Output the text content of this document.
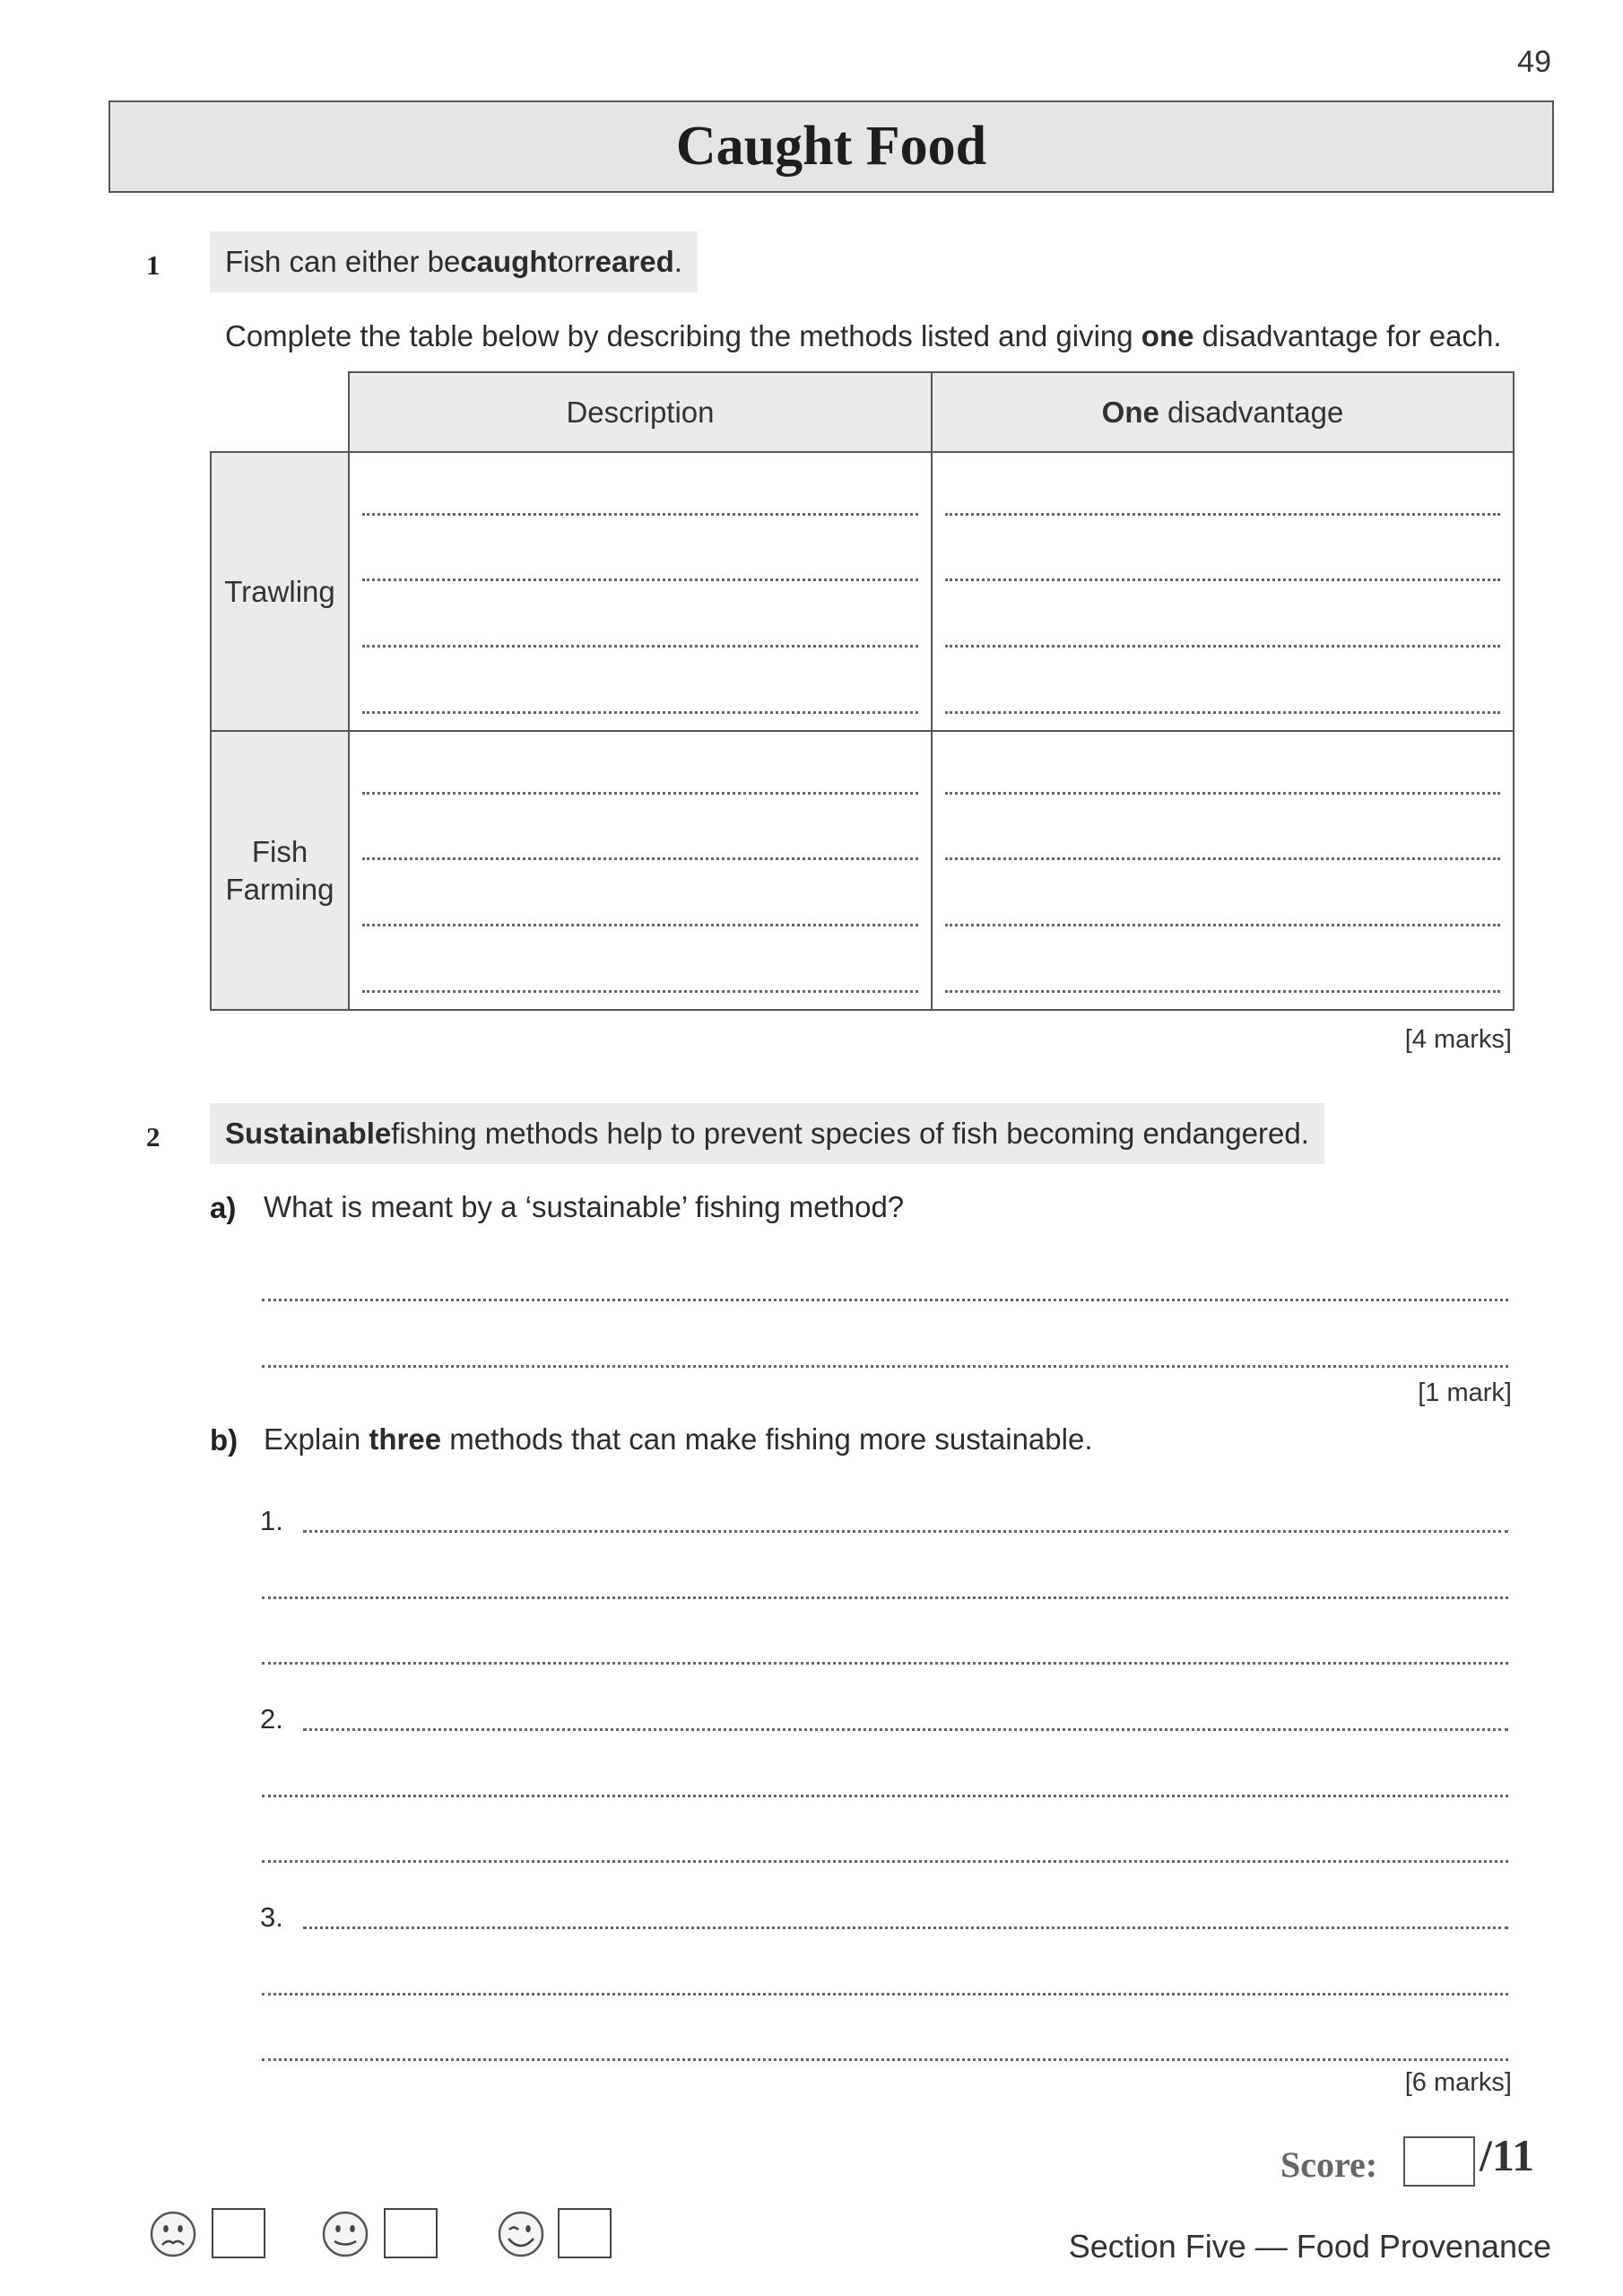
49
Caught Food
1 Fish can either be caught or reared .
Complete the table below by describing the methods listed and giving one disadvantage for each.
	Description	One disadvantage
Trawling	

Fish
Farming		

[4 marks]
2 Sustainable fishing methods help to prevent species of fish becoming endangered.
a) What is meant by a ‘sustainable’ fishing method?
[1 mark]
b) Explain three methods that can make fishing more sustainable.
1.
2.
3.
[6 marks]
Score: /11
Section Five — Food Provenance
